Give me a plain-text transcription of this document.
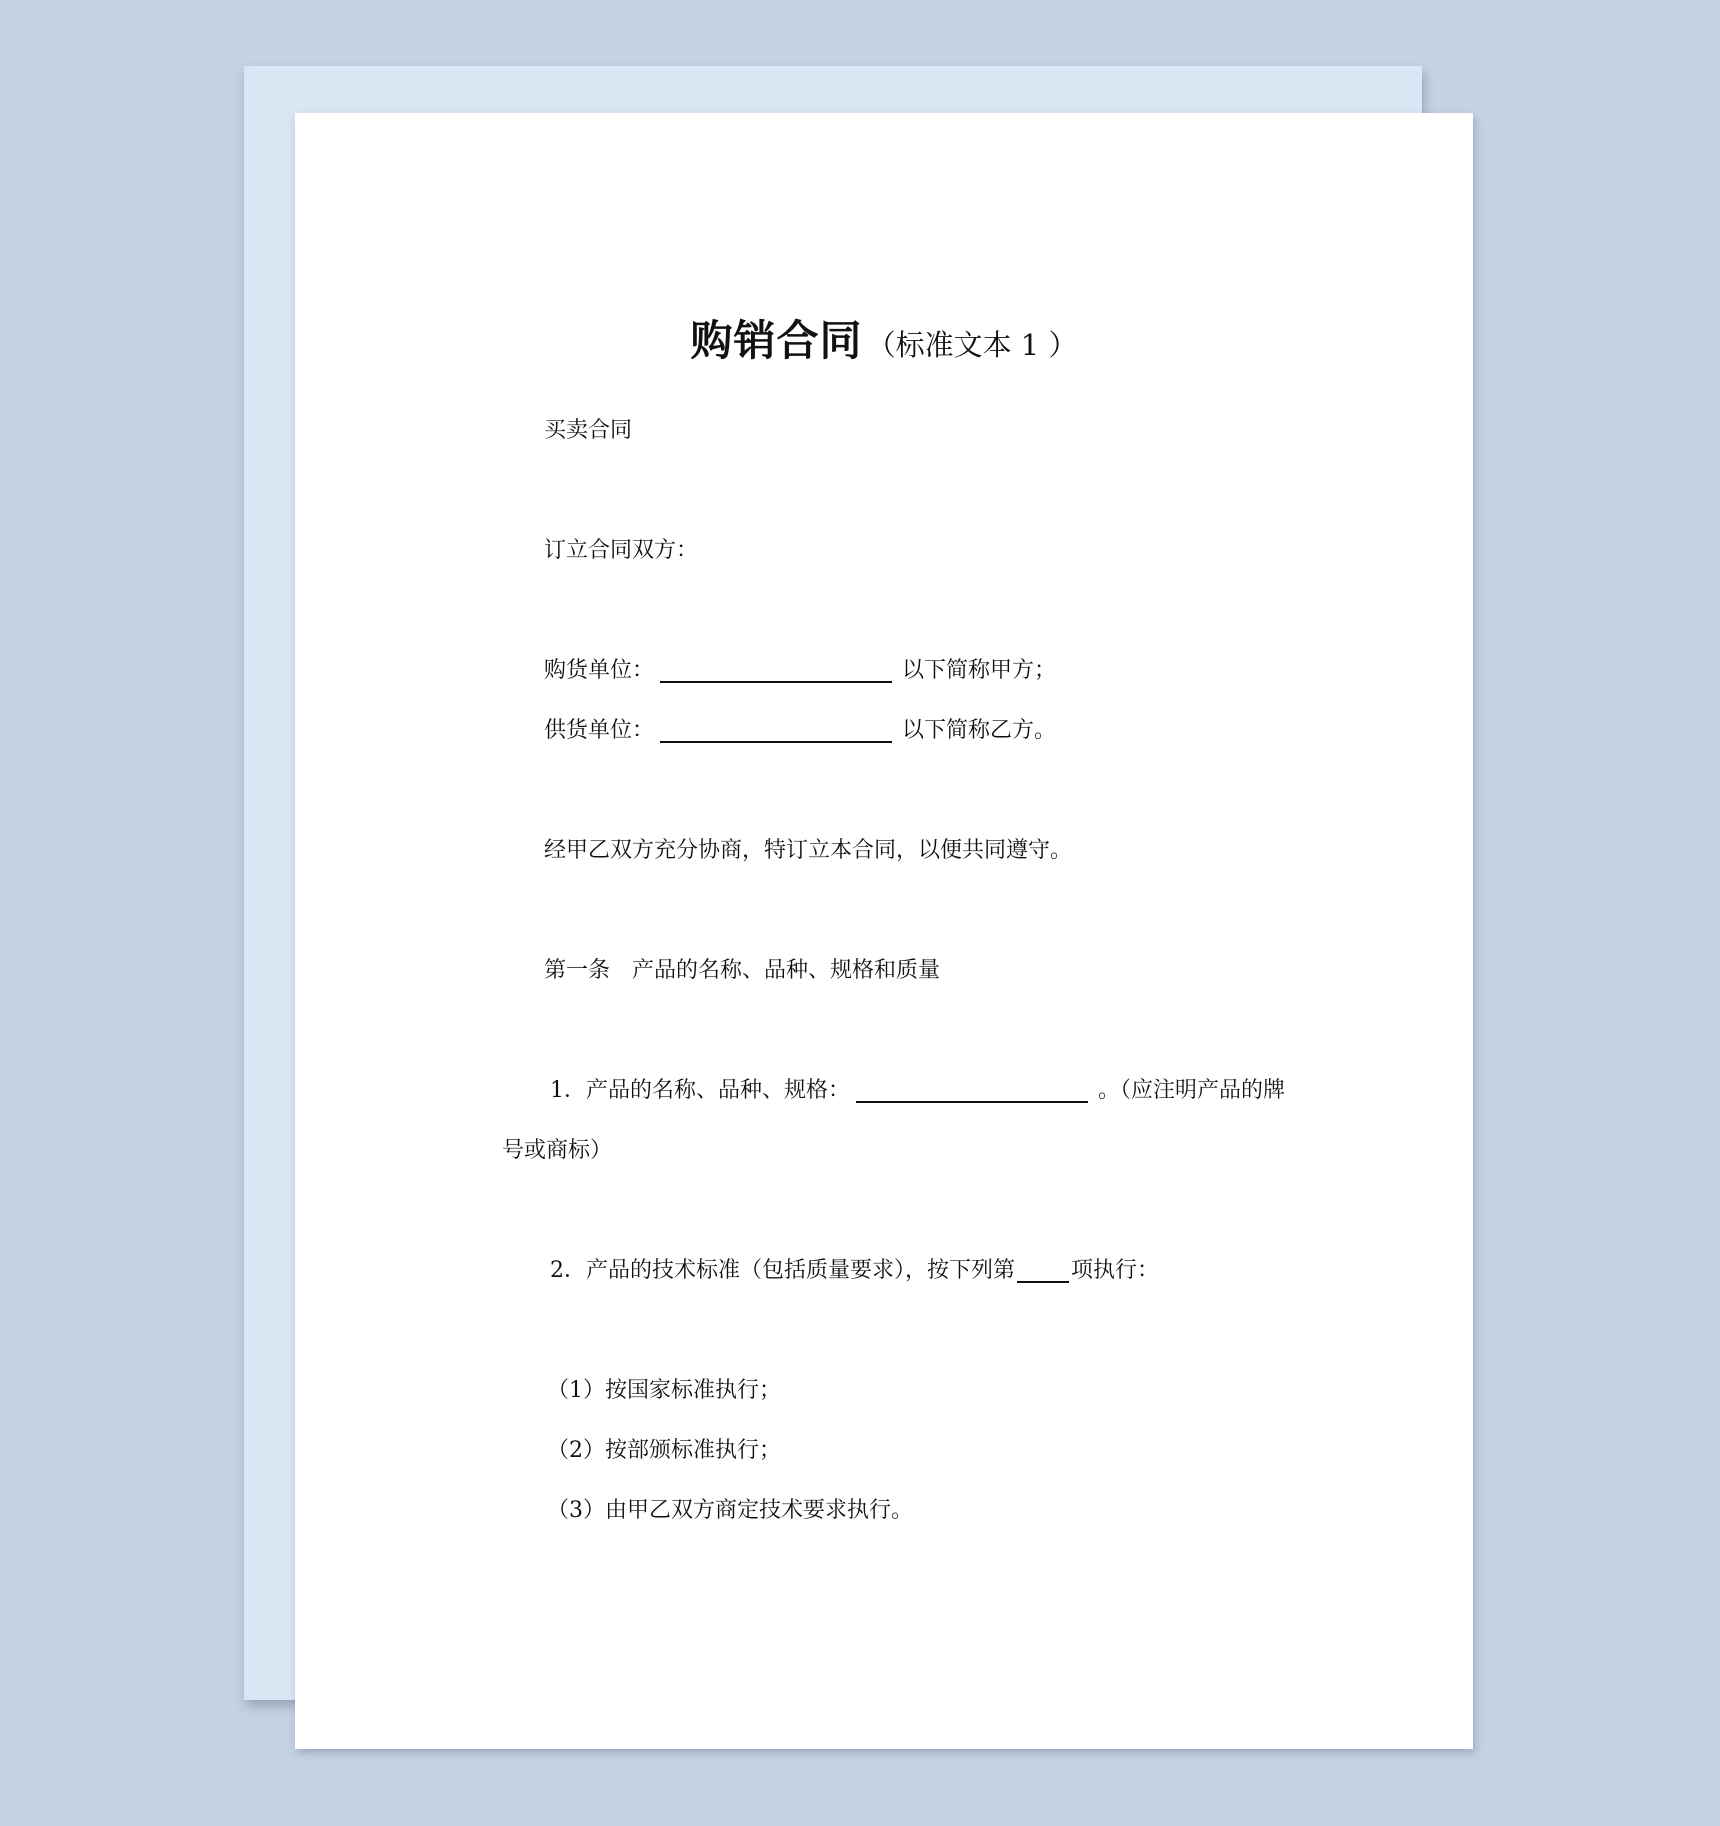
购销合同 （标准文本 1 ）
买卖合同
订立合同双方：
购货单位：	以下简称甲方；
供货单位：	以下简称乙方。
经甲乙双方充分协商，特订立本合同，以便共同遵守。
第一条　产品的名称、品种、规格和质量
1．产品的名称、品种、规格：	。（应注明产品的牌
号或商标）
2．产品的技术标准（包括质量要求），按下列第	项执行：
（1）按国家标准执行；
（2）按部颁标准执行；
（3）由甲乙双方商定技术要求执行。
